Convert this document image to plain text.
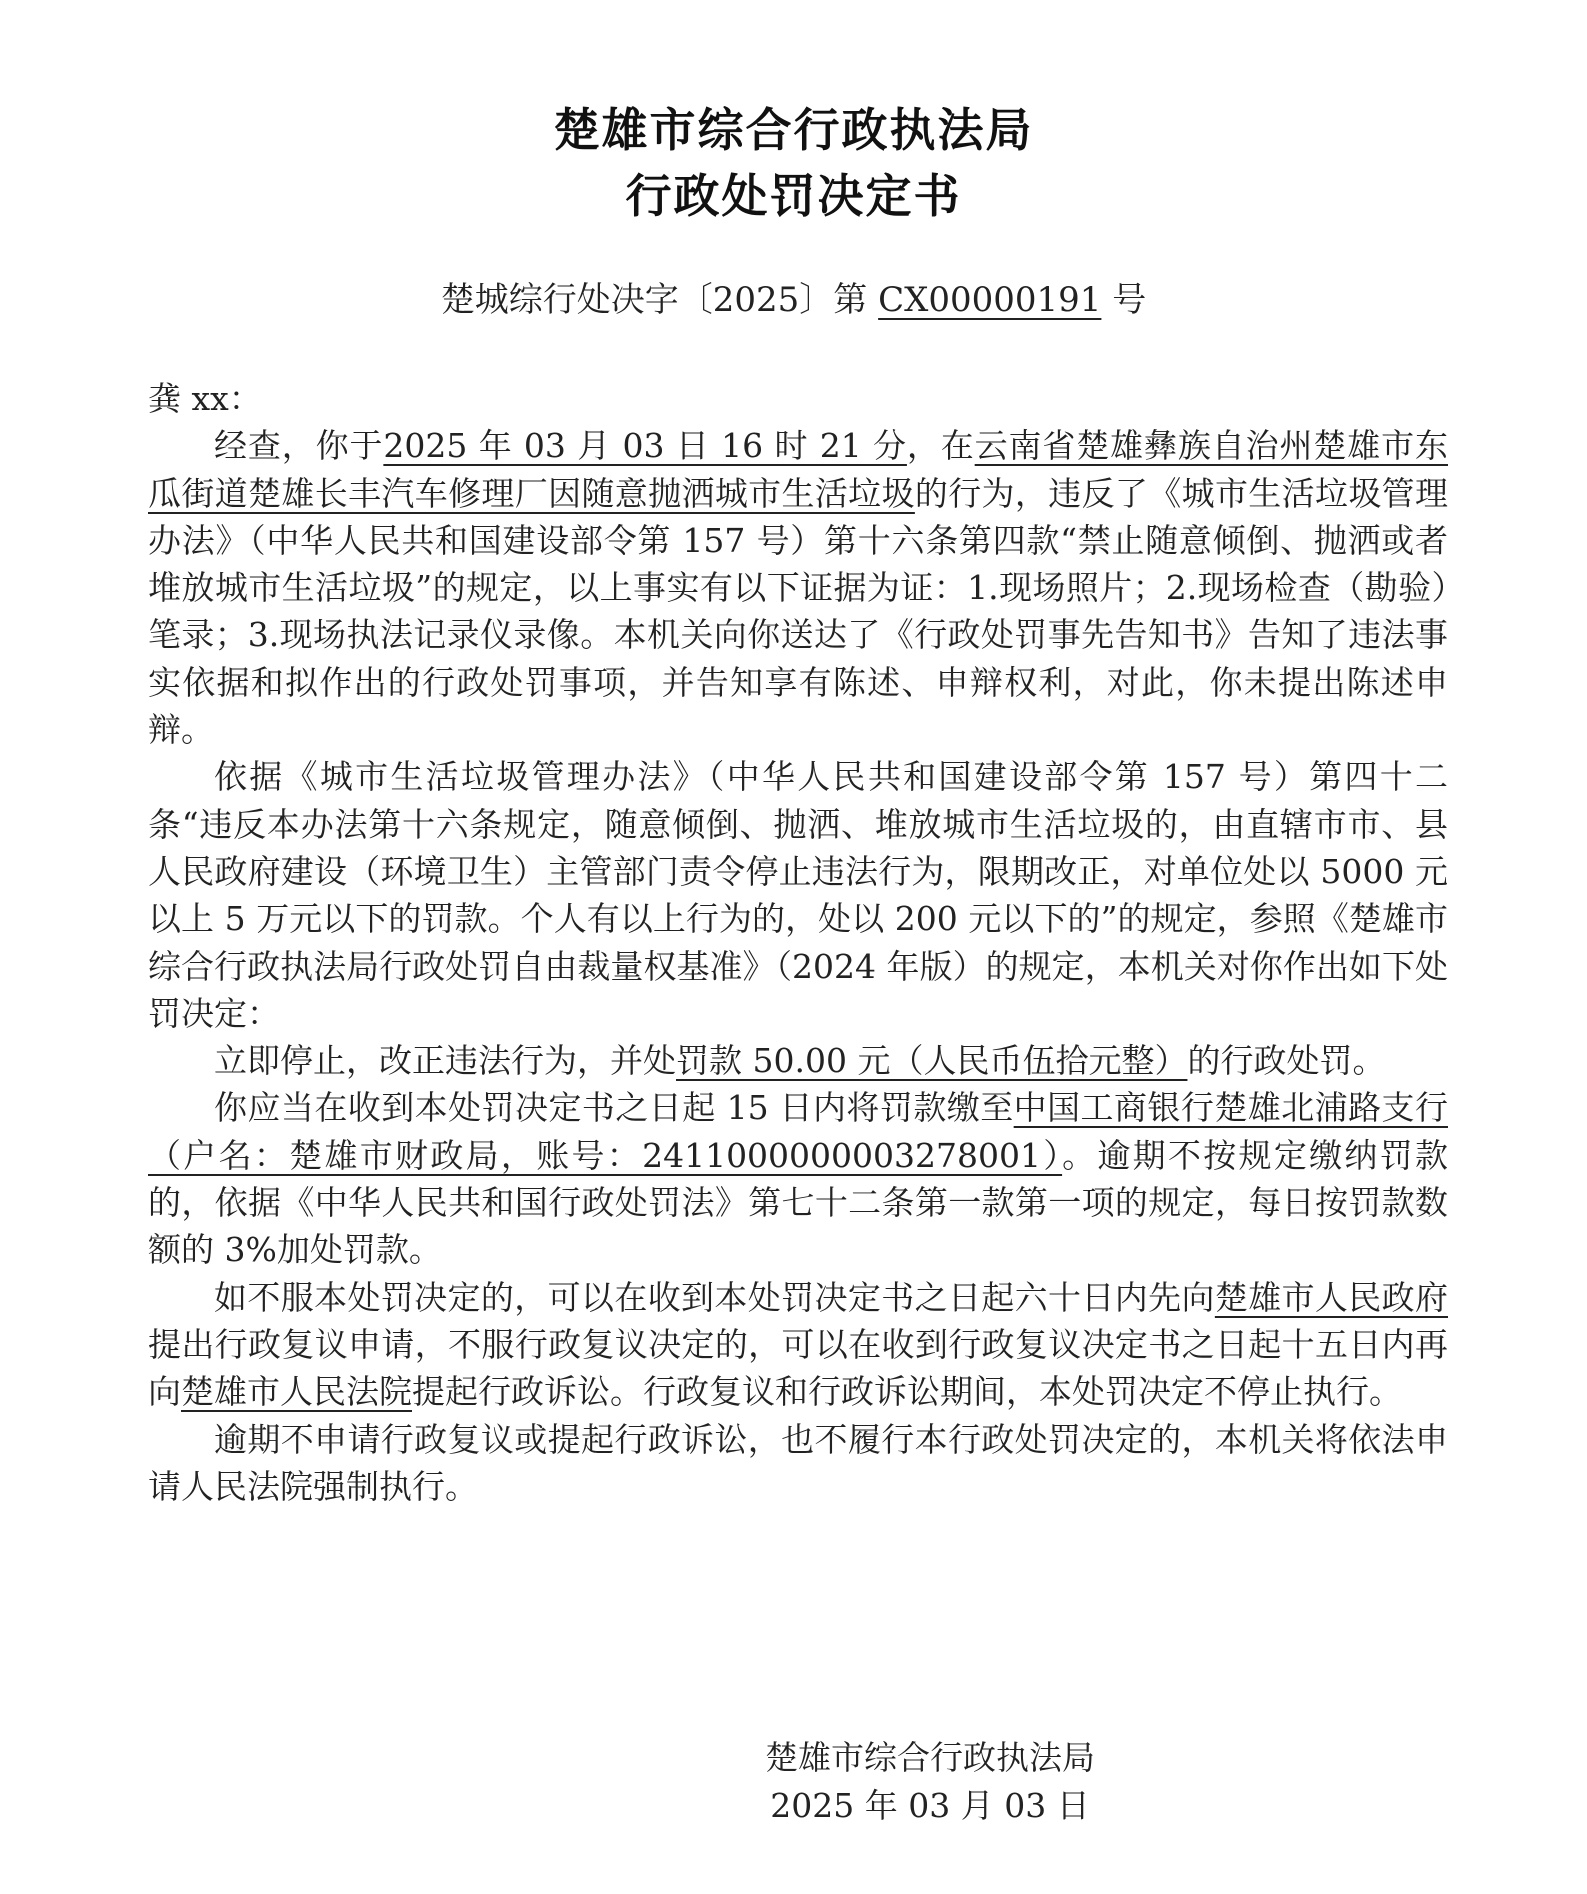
楚雄市综合行政执法局
行政处罚决定书
楚城综行处决字〔2025〕第 CX00000191 号

龚 xx：

经查，你于2025 年 03 月 03 日 16 时 21 分，在云南省楚雄彝族自治州楚雄市东瓜街道楚雄长丰汽车修理厂因随意抛洒城市生活垃圾的行为，违反了《城市生活垃圾管理办法》（中华人民共和国建设部令第 157 号）第十六条第四款“禁止随意倾倒、抛洒或者堆放城市生活垃圾”的规定，以上事实有以下证据为证：1.现场照片；2.现场检查（勘验）笔录；3.现场执法记录仪录像。本机关向你送达了《行政处罚事先告知书》告知了违法事实依据和拟作出的行政处罚事项，并告知享有陈述、申辩权利，对此，你未提出陈述申辩。

依据《城市生活垃圾管理办法》（中华人民共和国建设部令第 157 号）第四十二条“违反本办法第十六条规定，随意倾倒、抛洒、堆放城市生活垃圾的，由直辖市市、县人民政府建设（环境卫生）主管部门责令停止违法行为，限期改正，对单位处以 5000 元以上 5 万元以下的罚款。个人有以上行为的，处以 200 元以下的”的规定，参照《楚雄市综合行政执法局行政处罚自由裁量权基准》（2024 年版）的规定，本机关对你作出如下处罚决定：

立即停止，改正违法行为，并处罚款 50.00 元（人民币伍拾元整）的行政处罚。

你应当在收到本处罚决定书之日起 15 日内将罚款缴至中国工商银行楚雄北浦路支行（户名：楚雄市财政局，账号：2411000000003278001）。逾期不按规定缴纳罚款的，依据《中华人民共和国行政处罚法》第七十二条第一款第一项的规定，每日按罚款数额的 3%加处罚款。

如不服本处罚决定的，可以在收到本处罚决定书之日起六十日内先向楚雄市人民政府提出行政复议申请，不服行政复议决定的，可以在收到行政复议决定书之日起十五日内再向楚雄市人民法院提起行政诉讼。行政复议和行政诉讼期间，本处罚决定不停止执行。

逾期不申请行政复议或提起行政诉讼，也不履行本行政处罚决定的，本机关将依法申请人民法院强制执行。

楚雄市综合行政执法局
2025 年 03 月 03 日
